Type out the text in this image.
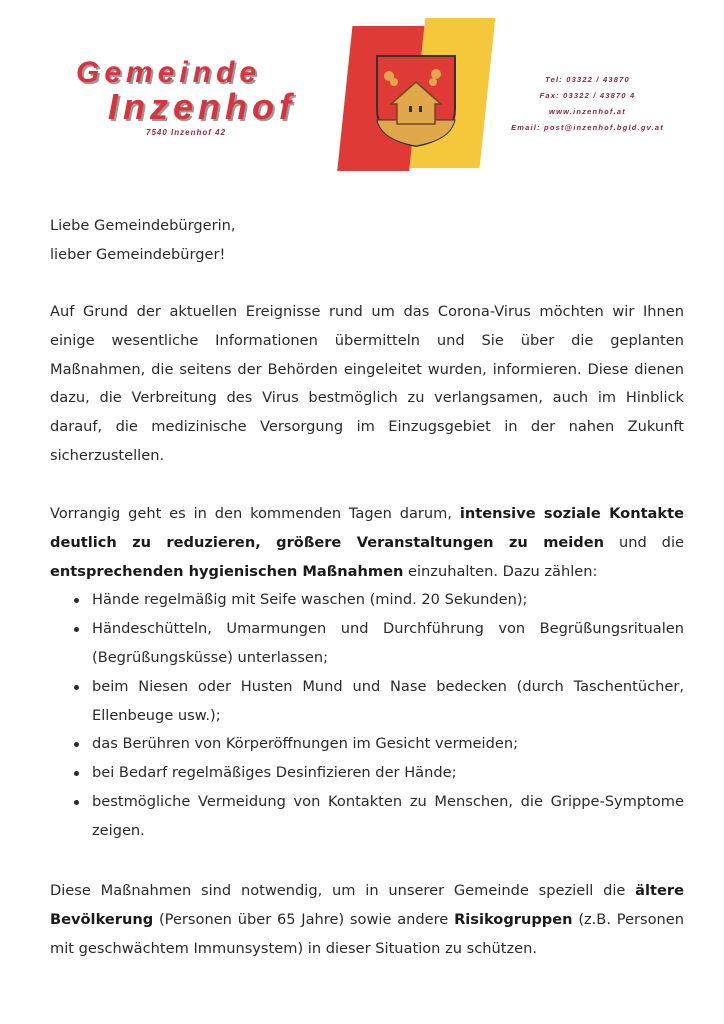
Gemeinde
Inzenhof
7540 Inzenhof 42
Tel: 03322 / 43870
Fax: 03322 / 43870 4
www.inzenhof.at
Email: post@inzenhof.bgld.gv.at

Liebe Gemeindebürgerin,

lieber Gemeindebürger!

Auf Grund der aktuellen Ereignisse rund um das Corona-Virus möchten wir Ihnen einige wesentliche Informationen übermitteln und Sie über die geplanten Maßnahmen, die seitens der Behörden eingeleitet wurden, informieren. Diese dienen dazu, die Verbreitung des Virus bestmöglich zu verlangsamen, auch im Hinblick darauf, die medizinische Versorgung im Einzugsgebiet in der nahen Zukunft sicherzustellen.

Vorrangig geht es in den kommenden Tagen darum, intensive soziale Kontakte deutlich zu reduzieren, größere Veranstaltungen zu meiden und die entsprechenden hygienischen Maßnahmen einzuhalten. Dazu zählen:

Hände regelmäßig mit Seife waschen (mind. 20 Sekunden);
Händeschütteln, Umarmungen und Durchführung von Begrüßungsritualen (Begrüßungsküsse) unterlassen;
beim Niesen oder Husten Mund und Nase bedecken (durch Taschentücher, Ellenbeuge usw.);
das Berühren von Körperöffnungen im Gesicht vermeiden;
bei Bedarf regelmäßiges Desinfizieren der Hände;
bestmögliche Vermeidung von Kontakten zu Menschen, die Grippe-Symptome zeigen.

Diese Maßnahmen sind notwendig, um in unserer Gemeinde speziell die ältere Bevölkerung (Personen über 65 Jahre) sowie andere Risikogruppen (z.B. Personen mit geschwächtem Immunsystem) in dieser Situation zu schützen.
